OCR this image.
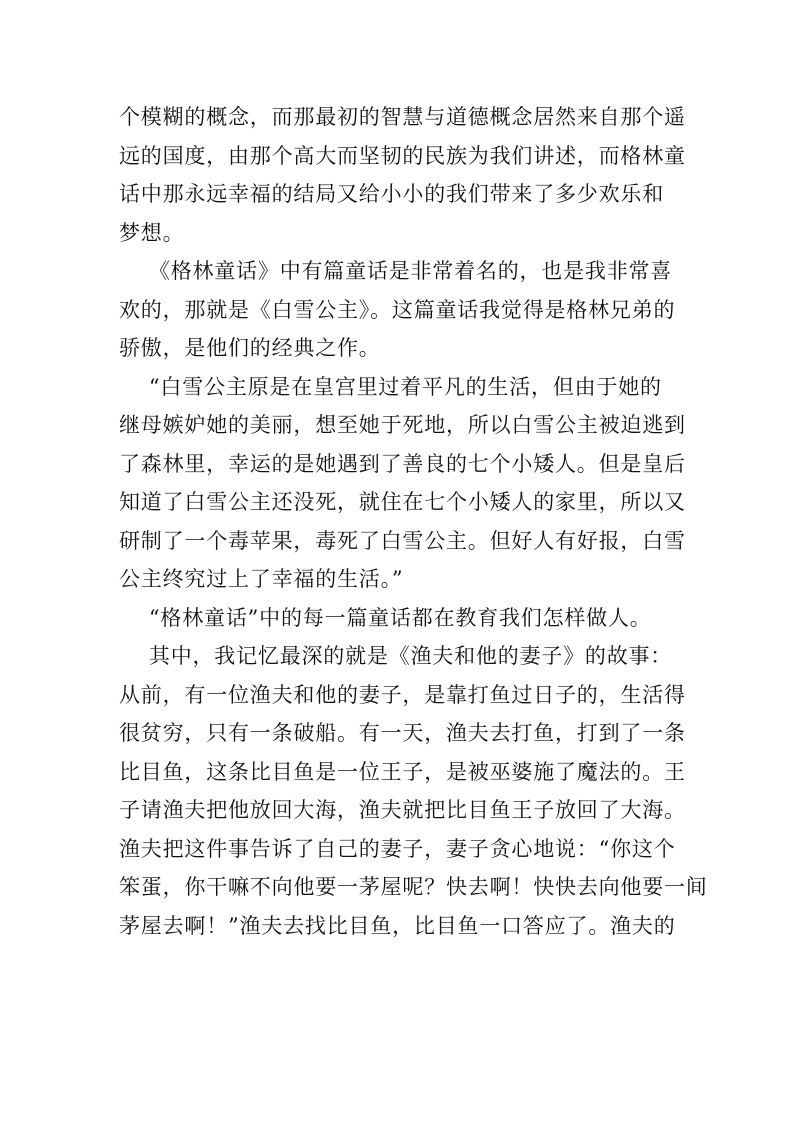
个模糊的概念，而那最初的智慧与道德概念居然来自那个遥
远的国度，由那个高大而坚韧的民族为我们讲述，而格林童
话中那永远幸福的结局又给小小的我们带来了多少欢乐和
梦想。
《格林童话》中有篇童话是非常着名的，也是我非常喜
欢的，那就是《白雪公主》。这篇童话我觉得是格林兄弟的
骄傲，是他们的经典之作。
“白雪公主原是在皇宫里过着平凡的生活，但由于她的
继母嫉妒她的美丽，想至她于死地，所以白雪公主被迫逃到
了森林里，幸运的是她遇到了善良的七个小矮人。但是皇后
知道了白雪公主还没死，就住在七个小矮人的家里，所以又
研制了一个毒苹果，毒死了白雪公主。但好人有好报，白雪
公主终究过上了幸福的生活。”
“格林童话”中的每一篇童话都在教育我们怎样做人。
其中，我记忆最深的就是《渔夫和他的妻子》的故事：
从前，有一位渔夫和他的妻子，是靠打鱼过日子的，生活得
很贫穷，只有一条破船。有一天，渔夫去打鱼，打到了一条
比目鱼，这条比目鱼是一位王子，是被巫婆施了魔法的。王
子请渔夫把他放回大海，渔夫就把比目鱼王子放回了大海。
渔夫把这件事告诉了自己的妻子，妻子贪心地说：“你这个
笨蛋，你干嘛不向他要一茅屋呢？快去啊！快快去向他要一间
茅屋去啊！”渔夫去找比目鱼，比目鱼一口答应了。渔夫的
